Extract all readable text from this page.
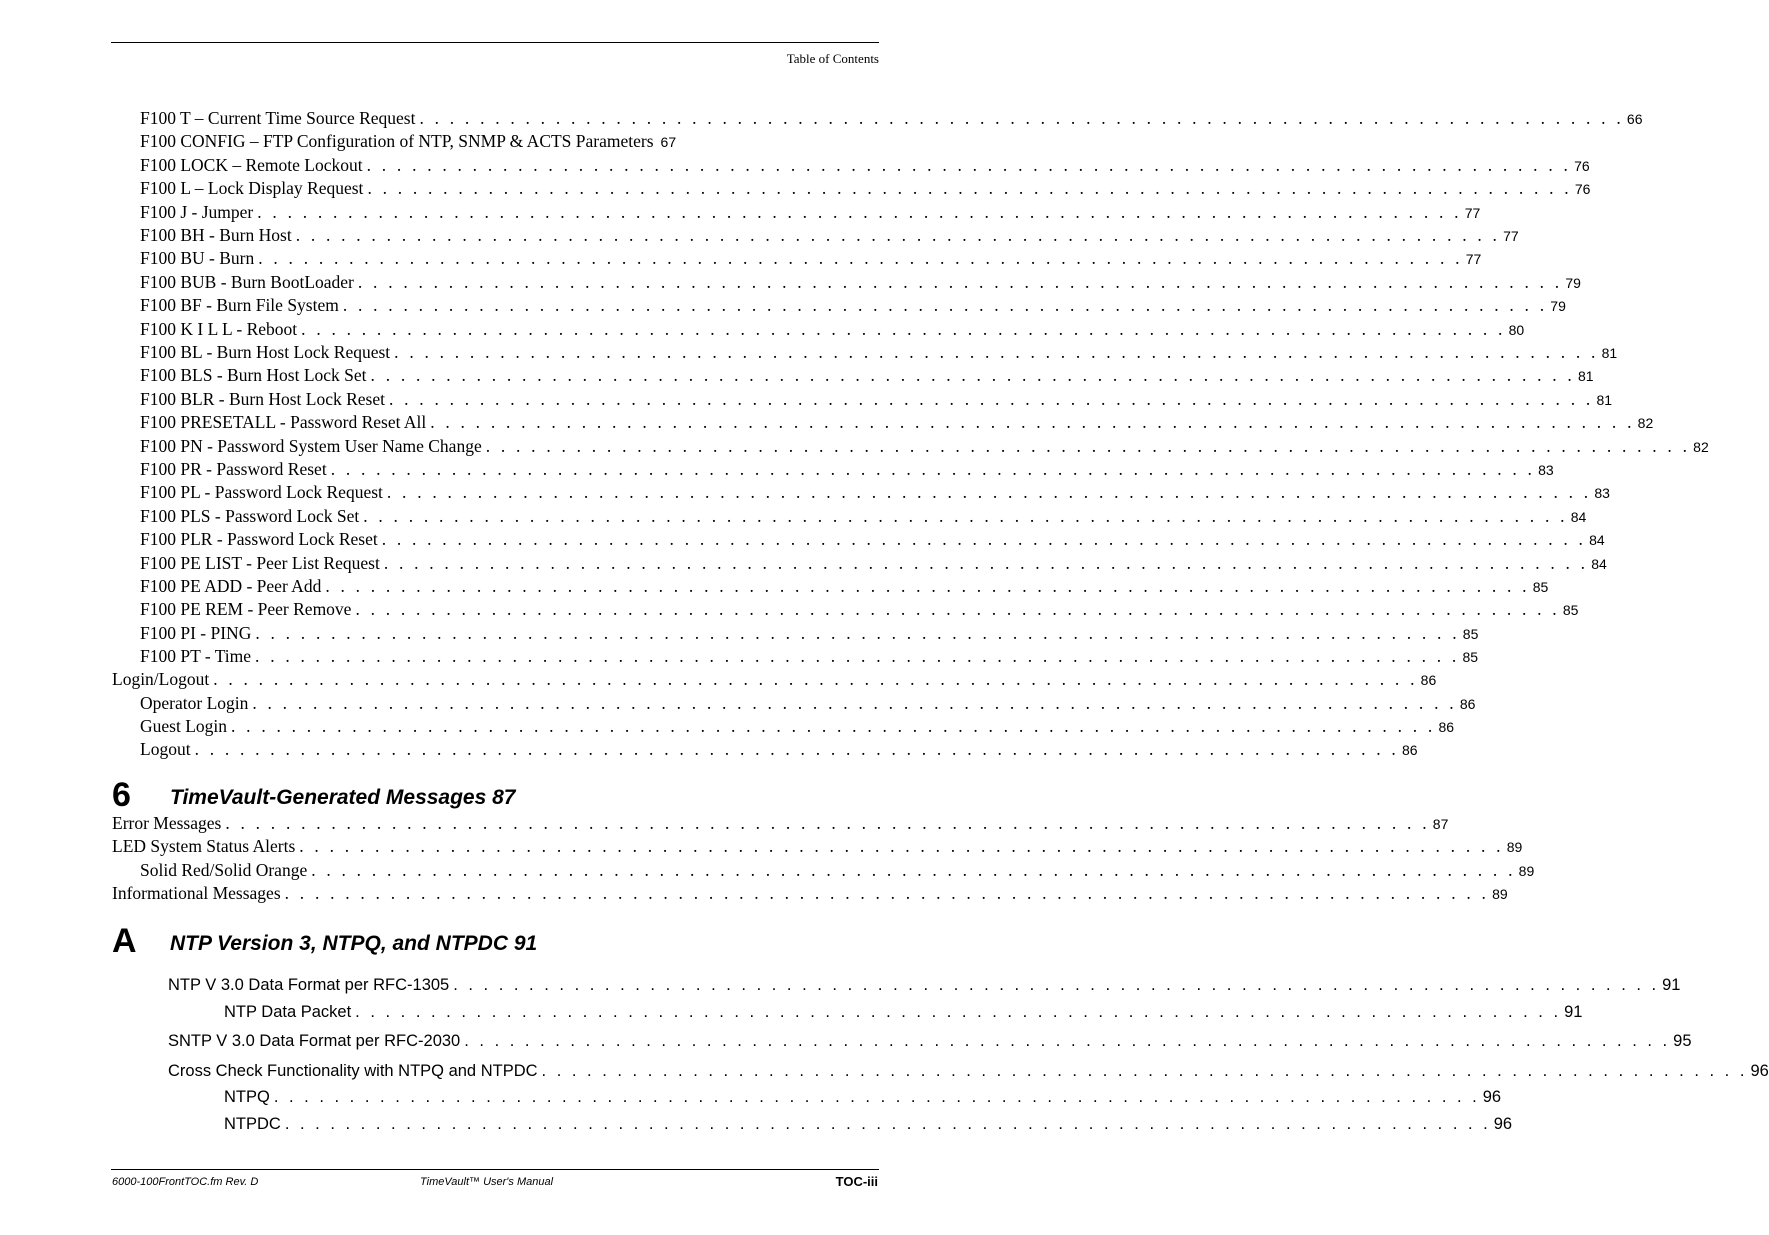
Table of Contents
F100 T – Current Time Source Request . . . . . . . . . . . . . . . . . . . . . . . . . . . . . . . . . . . . . . . . . . . . . . . . . . . . . . . . . . . . . . . . . . . . . . . . . . . . . . . . 66
F100 CONFIG – FTP Configuration of NTP, SNMP & ACTS Parameters 67
F100 LOCK – Remote Lockout . . . . . . . . . . . . . . . . . . . . . . . . . . . . . . . . . . . . . . . . . . . . . . . . . . . . . . . . . . . . . . . . . . . . . . . . . . . . . . . . 76
F100 L – Lock Display Request . . . . . . . . . . . . . . . . . . . . . . . . . . . . . . . . . . . . . . . . . . . . . . . . . . . . . . . . . . . . . . . . . . . . . . . . . . . . . . . . 76
F100 J - Jumper . . . . . . . . . . . . . . . . . . . . . . . . . . . . . . . . . . . . . . . . . . . . . . . . . . . . . . . . . . . . . . . . . . . . . . . . . . . . . . . . 77
F100 BH - Burn Host . . . . . . . . . . . . . . . . . . . . . . . . . . . . . . . . . . . . . . . . . . . . . . . . . . . . . . . . . . . . . . . . . . . . . . . . . . . . . . . . 77
F100 BU - Burn . . . . . . . . . . . . . . . . . . . . . . . . . . . . . . . . . . . . . . . . . . . . . . . . . . . . . . . . . . . . . . . . . . . . . . . . . . . . . . . . 77
F100 BUB - Burn BootLoader . . . . . . . . . . . . . . . . . . . . . . . . . . . . . . . . . . . . . . . . . . . . . . . . . . . . . . . . . . . . . . . . . . . . . . . . . . . . . . . . 79
F100 BF - Burn File System . . . . . . . . . . . . . . . . . . . . . . . . . . . . . . . . . . . . . . . . . . . . . . . . . . . . . . . . . . . . . . . . . . . . . . . . . . . . . . . . 79
F100 K I L L - Reboot . . . . . . . . . . . . . . . . . . . . . . . . . . . . . . . . . . . . . . . . . . . . . . . . . . . . . . . . . . . . . . . . . . . . . . . . . . . . . . . . 80
F100 BL - Burn Host Lock Request . . . . . . . . . . . . . . . . . . . . . . . . . . . . . . . . . . . . . . . . . . . . . . . . . . . . . . . . . . . . . . . . . . . . . . . . . . . . . . . . 81
F100 BLS - Burn Host Lock Set . . . . . . . . . . . . . . . . . . . . . . . . . . . . . . . . . . . . . . . . . . . . . . . . . . . . . . . . . . . . . . . . . . . . . . . . . . . . . . . . 81
F100 BLR - Burn Host Lock Reset . . . . . . . . . . . . . . . . . . . . . . . . . . . . . . . . . . . . . . . . . . . . . . . . . . . . . . . . . . . . . . . . . . . . . . . . . . . . . . . . 81
F100 PRESETALL - Password Reset All . . . . . . . . . . . . . . . . . . . . . . . . . . . . . . . . . . . . . . . . . . . . . . . . . . . . . . . . . . . . . . . . . . . . . . . . . . . . . . . . 82
F100 PN - Password System User Name Change . . . . . . . . . . . . . . . . . . . . . . . . . . . . . . . . . . . . . . . . . . . . . . . . . . . . . . . . . . . . . . . . . . . . . . . . . . . . . . . . 82
F100 PR - Password Reset . . . . . . . . . . . . . . . . . . . . . . . . . . . . . . . . . . . . . . . . . . . . . . . . . . . . . . . . . . . . . . . . . . . . . . . . . . . . . . . . 83
F100 PL - Password Lock Request . . . . . . . . . . . . . . . . . . . . . . . . . . . . . . . . . . . . . . . . . . . . . . . . . . . . . . . . . . . . . . . . . . . . . . . . . . . . . . . . 83
F100 PLS - Password Lock Set . . . . . . . . . . . . . . . . . . . . . . . . . . . . . . . . . . . . . . . . . . . . . . . . . . . . . . . . . . . . . . . . . . . . . . . . . . . . . . . . 84
F100 PLR - Password Lock Reset . . . . . . . . . . . . . . . . . . . . . . . . . . . . . . . . . . . . . . . . . . . . . . . . . . . . . . . . . . . . . . . . . . . . . . . . . . . . . . . . 84
F100 PE LIST - Peer List Request . . . . . . . . . . . . . . . . . . . . . . . . . . . . . . . . . . . . . . . . . . . . . . . . . . . . . . . . . . . . . . . . . . . . . . . . . . . . . . . . 84
F100 PE ADD - Peer Add . . . . . . . . . . . . . . . . . . . . . . . . . . . . . . . . . . . . . . . . . . . . . . . . . . . . . . . . . . . . . . . . . . . . . . . . . . . . . . . . 85
F100 PE REM - Peer Remove . . . . . . . . . . . . . . . . . . . . . . . . . . . . . . . . . . . . . . . . . . . . . . . . . . . . . . . . . . . . . . . . . . . . . . . . . . . . . . . . 85
F100 PI - PING . . . . . . . . . . . . . . . . . . . . . . . . . . . . . . . . . . . . . . . . . . . . . . . . . . . . . . . . . . . . . . . . . . . . . . . . . . . . . . . . 85
F100 PT - Time . . . . . . . . . . . . . . . . . . . . . . . . . . . . . . . . . . . . . . . . . . . . . . . . . . . . . . . . . . . . . . . . . . . . . . . . . . . . . . . . 85
Login/Logout . . . . . . . . . . . . . . . . . . . . . . . . . . . . . . . . . . . . . . . . . . . . . . . . . . . . . . . . . . . . . . . . . . . . . . . . . . . . . . . . 86
Operator Login . . . . . . . . . . . . . . . . . . . . . . . . . . . . . . . . . . . . . . . . . . . . . . . . . . . . . . . . . . . . . . . . . . . . . . . . . . . . . . . . 86
Guest Login . . . . . . . . . . . . . . . . . . . . . . . . . . . . . . . . . . . . . . . . . . . . . . . . . . . . . . . . . . . . . . . . . . . . . . . . . . . . . . . . 86
Logout . . . . . . . . . . . . . . . . . . . . . . . . . . . . . . . . . . . . . . . . . . . . . . . . . . . . . . . . . . . . . . . . . . . . . . . . . . . . . . . . 86
Error Messages . . . . . . . . . . . . . . . . . . . . . . . . . . . . . . . . . . . . . . . . . . . . . . . . . . . . . . . . . . . . . . . . . . . . . . . . . . . . . . . . 87
LED System Status Alerts . . . . . . . . . . . . . . . . . . . . . . . . . . . . . . . . . . . . . . . . . . . . . . . . . . . . . . . . . . . . . . . . . . . . . . . . . . . . . . . . 89
Solid Red/Solid Orange . . . . . . . . . . . . . . . . . . . . . . . . . . . . . . . . . . . . . . . . . . . . . . . . . . . . . . . . . . . . . . . . . . . . . . . . . . . . . . . . 89
Informational Messages . . . . . . . . . . . . . . . . . . . . . . . . . . . . . . . . . . . . . . . . . . . . . . . . . . . . . . . . . . . . . . . . . . . . . . . . . . . . . . . . 89
NTP V 3.0 Data Format per RFC-1305 . . . . . . . . . . . . . . . . . . . . . . . . . . . . . . . . . . . . . . . . . . . . . . . . . . . . . . . . . . . . . . . . . . . . . . . . . . . . . . . . 91
NTP Data Packet . . . . . . . . . . . . . . . . . . . . . . . . . . . . . . . . . . . . . . . . . . . . . . . . . . . . . . . . . . . . . . . . . . . . . . . . . . . . . . . . 91
SNTP V 3.0 Data Format per RFC-2030 . . . . . . . . . . . . . . . . . . . . . . . . . . . . . . . . . . . . . . . . . . . . . . . . . . . . . . . . . . . . . . . . . . . . . . . . . . . . . . . . 95
Cross Check Functionality with NTPQ and NTPDC . . . . . . . . . . . . . . . . . . . . . . . . . . . . . . . . . . . . . . . . . . . . . . . . . . . . . . . . . . . . . . . . . . . . . . . . . . . . . . . . 96
NTPQ . . . . . . . . . . . . . . . . . . . . . . . . . . . . . . . . . . . . . . . . . . . . . . . . . . . . . . . . . . . . . . . . . . . . . . . . . . . . . . . . 96
NTPDC . . . . . . . . . . . . . . . . . . . . . . . . . . . . . . . . . . . . . . . . . . . . . . . . . . . . . . . . . . . . . . . . . . . . . . . . . . . . . . . . 96
6 TimeVault-Generated Messages 87
A NTP Version 3, NTPQ, and NTPDC 91
6000-100FrontTOC.fm Rev. D	TimeVault™ User's Manual	TOC-iii
